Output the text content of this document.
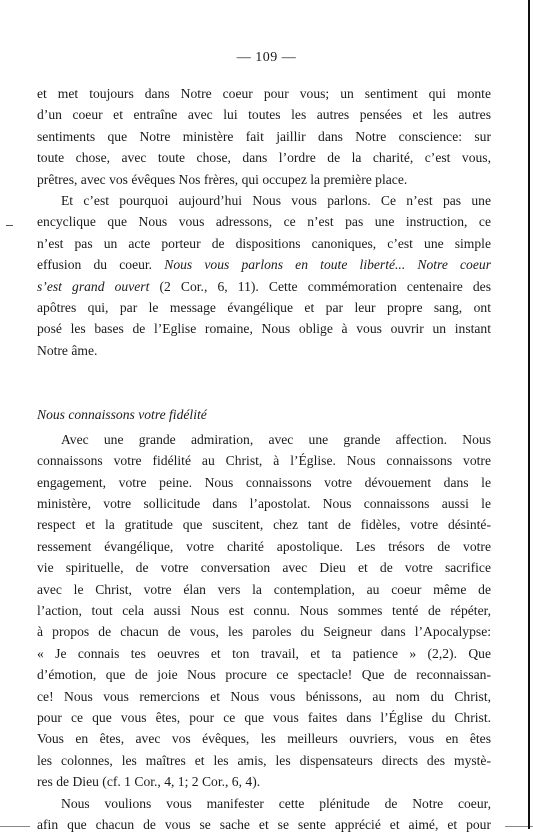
— 109 —
et met toujours dans Notre coeur pour vous; un sentiment qui monte
d’un coeur et entraîne avec lui toutes les autres pensées et les autres
sentiments que Notre ministère fait jaillir dans Notre conscience: sur
toute chose, avec toute chose, dans l’ordre de la charité, c’est vous,
prêtres, avec vos évêques Nos frères, qui occupez la première place.
Et c’est pourquoi aujourd’hui Nous vous parlons. Ce n’est pas une
encyclique que Nous vous adressons, ce n’est pas une instruction, ce
n’est pas un acte porteur de dispositions canoniques, c’est une simple
effusion du coeur. Nous vous parlons en toute liberté... Notre coeur
s’est grand ouvert (2 Cor., 6, 11). Cette commémoration centenaire des
apôtres qui, par le message évangélique et par leur propre sang, ont
posé les bases de l’Eglise romaine, Nous oblige à vous ouvrir un instant
Notre âme.
Nous connaissons votre fidélité
Avec une grande admiration, avec une grande affection. Nous
connaissons votre fidélité au Christ, à l’Église. Nous connaissons votre
engagement, votre peine. Nous connaissons votre dévouement dans le
ministère, votre sollicitude dans l’apostolat. Nous connaissons aussi le
respect et la gratitude que suscitent, chez tant de fidèles, votre désinté-
ressement évangélique, votre charité apostolique. Les trésors de votre
vie spirituelle, de votre conversation avec Dieu et de votre sacrifice
avec le Christ, votre élan vers la contemplation, au coeur même de
l’action, tout cela aussi Nous est connu. Nous sommes tenté de répéter,
à propos de chacun de vous, les paroles du Seigneur dans l’Apocalypse:
« Je connais tes oeuvres et ton travail, et ta patience » (2,2). Que
d’émotion, que de joie Nous procure ce spectacle! Que de reconnaissan-
ce! Nous vous remercions et Nous vous bénissons, au nom du Christ,
pour ce que vous êtes, pour ce que vous faites dans l’Église du Christ.
Vous en êtes, avec vos évêques, les meilleurs ouvriers, vous en êtes
les colonnes, les maîtres et les amis, les dispensateurs directs des mystè-
res de Dieu (cf. 1 Cor., 4, 1; 2 Cor., 6, 4).
Nous voulions vous manifester cette plénitude de Notre coeur,
afin que chacun de vous se sache et se sente apprécié et aimé, et pour
